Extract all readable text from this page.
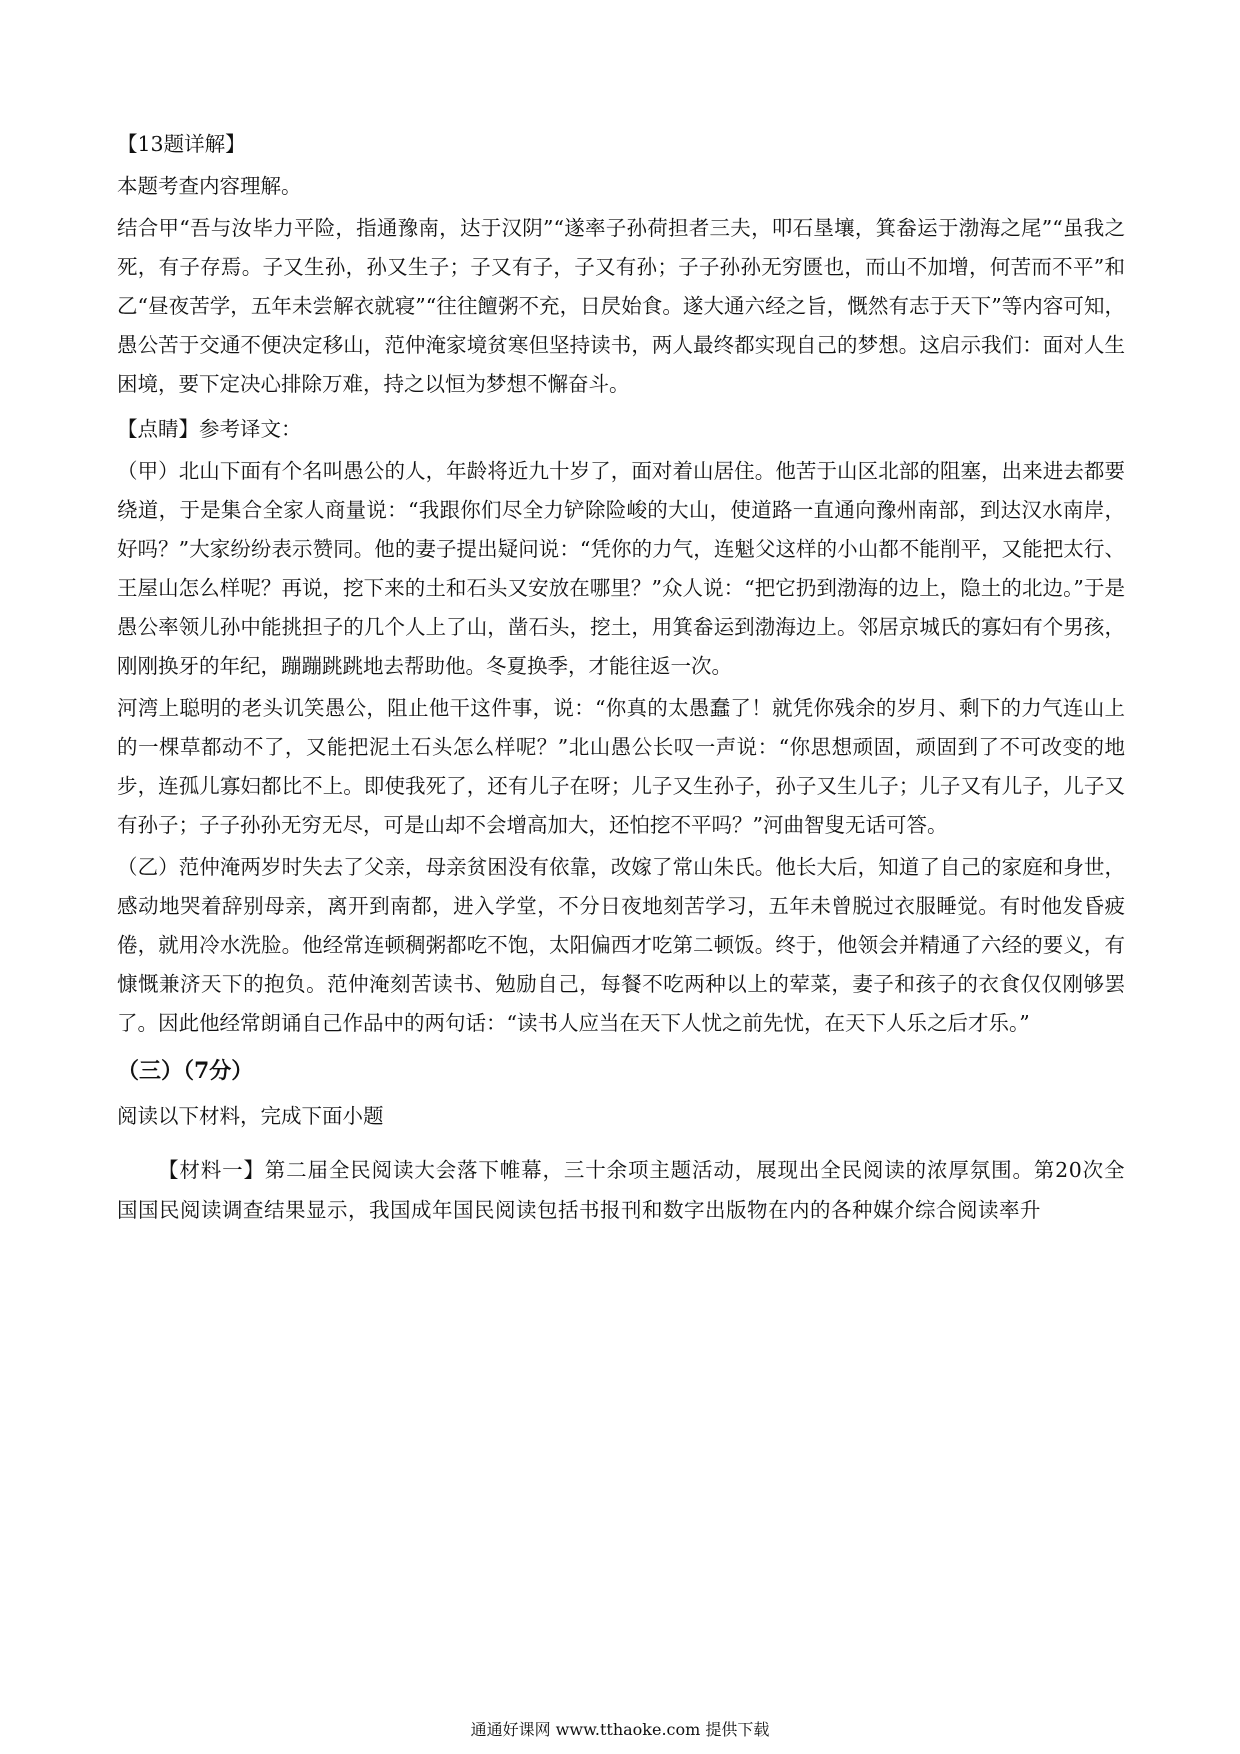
【13题详解】

本题考查内容理解。

结合甲“吾与汝毕力平险，指通豫南，达于汉阴”“遂率子孙荷担者三夫，叩石垦壤，箕畚运于渤海之尾”“虽我之死，有子存焉。子又生孙，孙又生子；子又有子，子又有孙；子子孙孙无穷匮也，而山不加增，何苦而不平”和乙“昼夜苦学，五年未尝解衣就寝”“往往饘粥不充，日昃始食。遂大通六经之旨，慨然有志于天下”等内容可知，愚公苦于交通不便决定移山，范仲淹家境贫寒但坚持读书，两人最终都实现自己的梦想。这启示我们：面对人生困境，要下定决心排除万难，持之以恒为梦想不懈奋斗。

【点睛】参考译文：

（甲）北山下面有个名叫愚公的人，年龄将近九十岁了，面对着山居住。他苦于山区北部的阻塞，出来进去都要绕道，于是集合全家人商量说：“我跟你们尽全力铲除险峻的大山，使道路一直通向豫州南部，到达汉水南岸，好吗？”大家纷纷表示赞同。他的妻子提出疑问说：“凭你的力气，连魁父这样的小山都不能削平，又能把太行、王屋山怎么样呢？再说，挖下来的土和石头又安放在哪里？”众人说：“把它扔到渤海的边上，隐土的北边。”于是愚公率领儿孙中能挑担子的几个人上了山，凿石头，挖土，用箕畚运到渤海边上。邻居京城氏的寡妇有个男孩，刚刚换牙的年纪，蹦蹦跳跳地去帮助他。冬夏换季，才能往返一次。

河湾上聪明的老头讥笑愚公，阻止他干这件事，说：“你真的太愚蠢了！就凭你残余的岁月、剩下的力气连山上的一棵草都动不了，又能把泥土石头怎么样呢？”北山愚公长叹一声说：“你思想顽固，顽固到了不可改变的地步，连孤儿寡妇都比不上。即使我死了，还有儿子在呀；儿子又生孙子，孙子又生儿子；儿子又有儿子，儿子又有孙子；子子孙孙无穷无尽，可是山却不会增高加大，还怕挖不平吗？”河曲智叟无话可答。

（乙）范仲淹两岁时失去了父亲，母亲贫困没有依靠，改嫁了常山朱氏。他长大后，知道了自己的家庭和身世，感动地哭着辞别母亲，离开到南都，进入学堂，不分日夜地刻苦学习，五年未曾脱过衣服睡觉。有时他发昏疲倦，就用冷水洗脸。他经常连顿稠粥都吃不饱，太阳偏西才吃第二顿饭。终于，他领会并精通了六经的要义，有慷慨兼济天下的抱负。范仲淹刻苦读书、勉励自己，每餐不吃两种以上的荤菜，妻子和孩子的衣食仅仅刚够罢了。因此他经常朗诵自己作品中的两句话：“读书人应当在天下人忧之前先忧，在天下人乐之后才乐。”

（三）（7分）

阅读以下材料，完成下面小题

【材料一】第二届全民阅读大会落下帷幕，三十余项主题活动，展现出全民阅读的浓厚氛围。第20次全国国民阅读调查结果显示，我国成年国民阅读包括书报刊和数字出版物在内的各种媒介综合阅读率升

通通好课网 www.tthaoke.com 提供下载
